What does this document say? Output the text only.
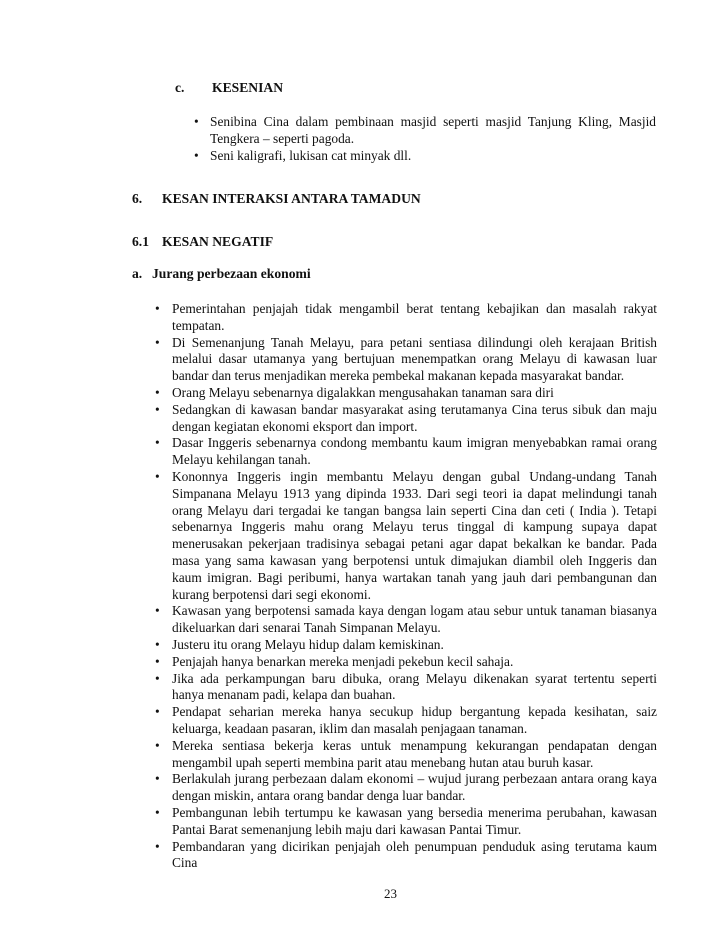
c. KESENIAN
• Senibina Cina dalam pembinaan masjid seperti masjid Tanjung Kling, Masjid Tengkera – seperti pagoda.
• Seni kaligrafi, lukisan cat minyak dll.
6. KESAN INTERAKSI ANTARA TAMADUN
6.1 KESAN NEGATIF
a. Jurang perbezaan ekonomi
• Pemerintahan penjajah tidak mengambil berat tentang kebajikan dan masalah rakyat tempatan.
• Di Semenanjung Tanah Melayu, para petani sentiasa dilindungi oleh kerajaan British melalui dasar utamanya yang bertujuan menempatkan orang Melayu di kawasan luar bandar dan terus menjadikan mereka pembekal makanan kepada masyarakat bandar.
• Orang Melayu sebenarnya digalakkan mengusahakan tanaman sara diri
• Sedangkan di kawasan bandar masyarakat asing terutamanya Cina terus sibuk dan maju dengan kegiatan ekonomi eksport dan import.
• Dasar Inggeris sebenarnya condong membantu kaum imigran menyebabkan ramai orang Melayu kehilangan tanah.
• Kononnya Inggeris ingin membantu Melayu dengan gubal Undang-undang Tanah Simpanana Melayu 1913 yang dipinda 1933. Dari segi teori ia dapat melindungi tanah orang Melayu dari tergadai ke tangan bangsa lain seperti Cina dan ceti ( India ). Tetapi sebenarnya Inggeris mahu orang Melayu terus tinggal di kampung supaya dapat menerusakan pekerjaan tradisinya sebagai petani agar dapat bekalkan ke bandar. Pada masa yang sama kawasan yang berpotensi untuk dimajukan diambil oleh Inggeris dan kaum imigran. Bagi peribumi, hanya wartakan tanah yang jauh dari pembangunan dan kurang berpotensi dari segi ekonomi.
• Kawasan yang berpotensi samada kaya dengan logam atau sebur untuk tanaman biasanya dikeluarkan dari senarai Tanah Simpanan Melayu.
• Justeru itu orang Melayu hidup dalam kemiskinan.
• Penjajah hanya benarkan mereka menjadi pekebun kecil sahaja.
• Jika ada perkampungan baru dibuka, orang Melayu dikenakan syarat tertentu seperti hanya menanam padi, kelapa dan buahan.
• Pendapat seharian mereka hanya secukup hidup bergantung kepada kesihatan, saiz keluarga, keadaan pasaran, iklim dan masalah penjagaan tanaman.
• Mereka sentiasa bekerja keras untuk menampung kekurangan pendapatan dengan mengambil upah seperti membina parit atau menebang hutan atau buruh kasar.
• Berlakulah jurang perbezaan dalam ekonomi – wujud jurang perbezaan antara orang kaya dengan miskin, antara orang bandar denga luar bandar.
• Pembangunan lebih tertumpu ke kawasan yang bersedia menerima perubahan, kawasan Pantai Barat semenanjung lebih maju dari kawasan Pantai Timur.
• Pembandaran yang dicirikan penjajah oleh penumpuan penduduk asing terutama kaum Cina
23
